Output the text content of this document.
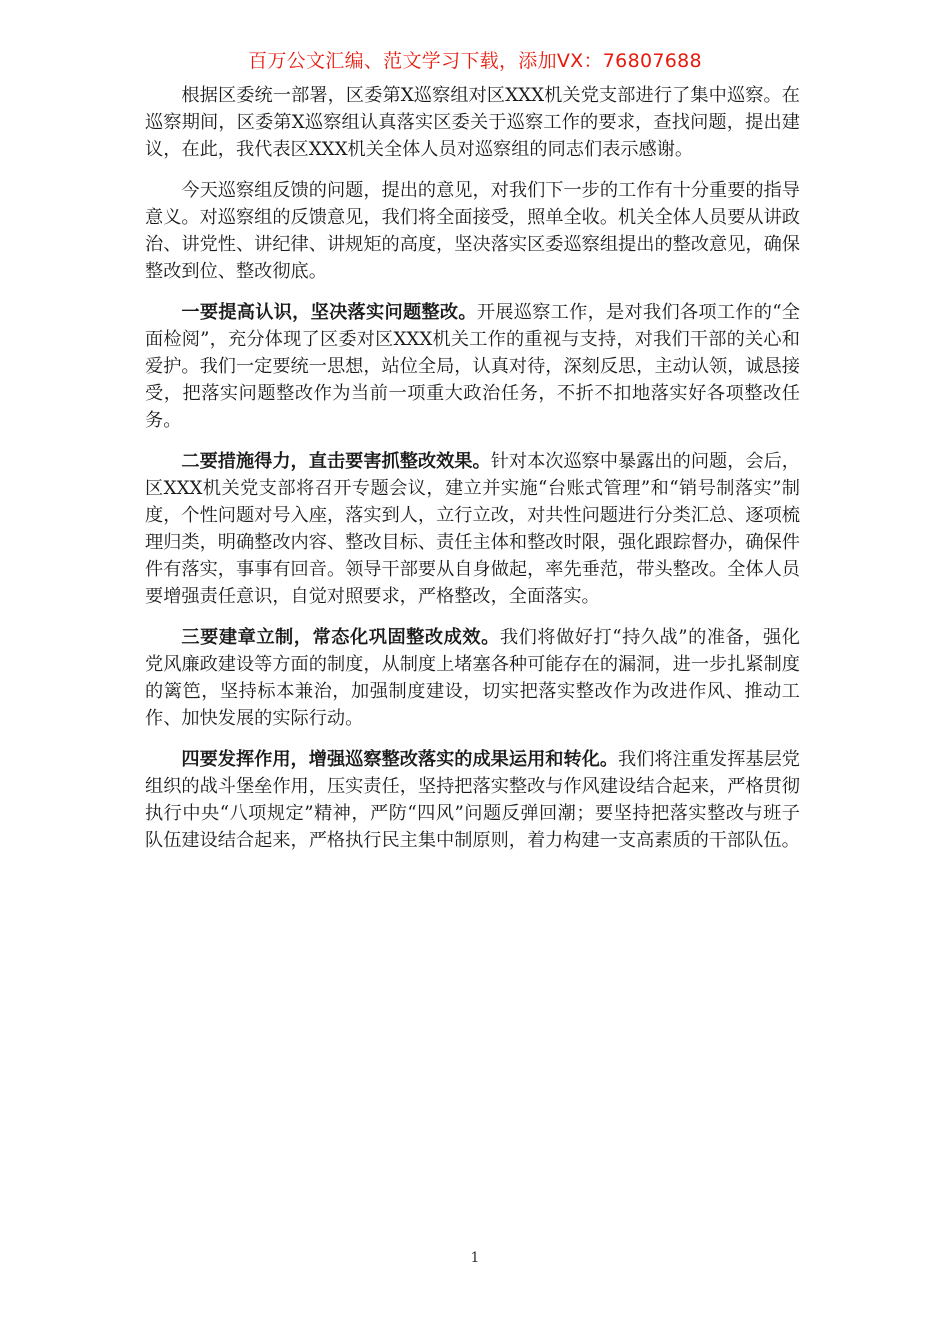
百万公文汇编、范文学习下载，添加VX：76807688

根据区委统一部署，区委第X巡察组对区XXX机关党支部进行了集中巡察。在巡察期间，区委第X巡察组认真落实区委关于巡察工作的要求，查找问题，提出建议，在此，我代表区XXX机关全体人员对巡察组的同志们表示感谢。

今天巡察组反馈的问题，提出的意见，对我们下一步的工作有十分重要的指导意义。对巡察组的反馈意见，我们将全面接受，照单全收。机关全体人员要从讲政治、讲党性、讲纪律、讲规矩的高度，坚决落实区委巡察组提出的整改意见，确保整改到位、整改彻底。

一要提高认识，坚决落实问题整改。开展巡察工作，是对我们各项工作的“全面检阅”，充分体现了区委对区XXX机关工作的重视与支持，对我们干部的关心和爱护。我们一定要统一思想，站位全局，认真对待，深刻反思，主动认领，诚恳接受，把落实问题整改作为当前一项重大政治任务，不折不扣地落实好各项整改任务。

二要措施得力，直击要害抓整改效果。针对本次巡察中暴露出的问题，会后，区XXX机关党支部将召开专题会议，建立并实施“台账式管理”和“销号制落实”制度，个性问题对号入座，落实到人，立行立改，对共性问题进行分类汇总、逐项梳理归类，明确整改内容、整改目标、责任主体和整改时限，强化跟踪督办，确保件件有落实，事事有回音。领导干部要从自身做起，率先垂范，带头整改。全体人员要增强责任意识，自觉对照要求，严格整改，全面落实。

三要建章立制，常态化巩固整改成效。我们将做好打“持久战”的准备，强化党风廉政建设等方面的制度，从制度上堵塞各种可能存在的漏洞，进一步扎紧制度的篱笆，坚持标本兼治，加强制度建设，切实把落实整改作为改进作风、推动工作、加快发展的实际行动。

四要发挥作用，增强巡察整改落实的成果运用和转化。我们将注重发挥基层党组织的战斗堡垒作用，压实责任，坚持把落实整改与作风建设结合起来，严格贯彻执行中央“八项规定”精神，严防“四风”问题反弹回潮；要坚持把落实整改与班子队伍建设结合起来，严格执行民主集中制原则，着力构建一支高素质的干部队伍。

1
